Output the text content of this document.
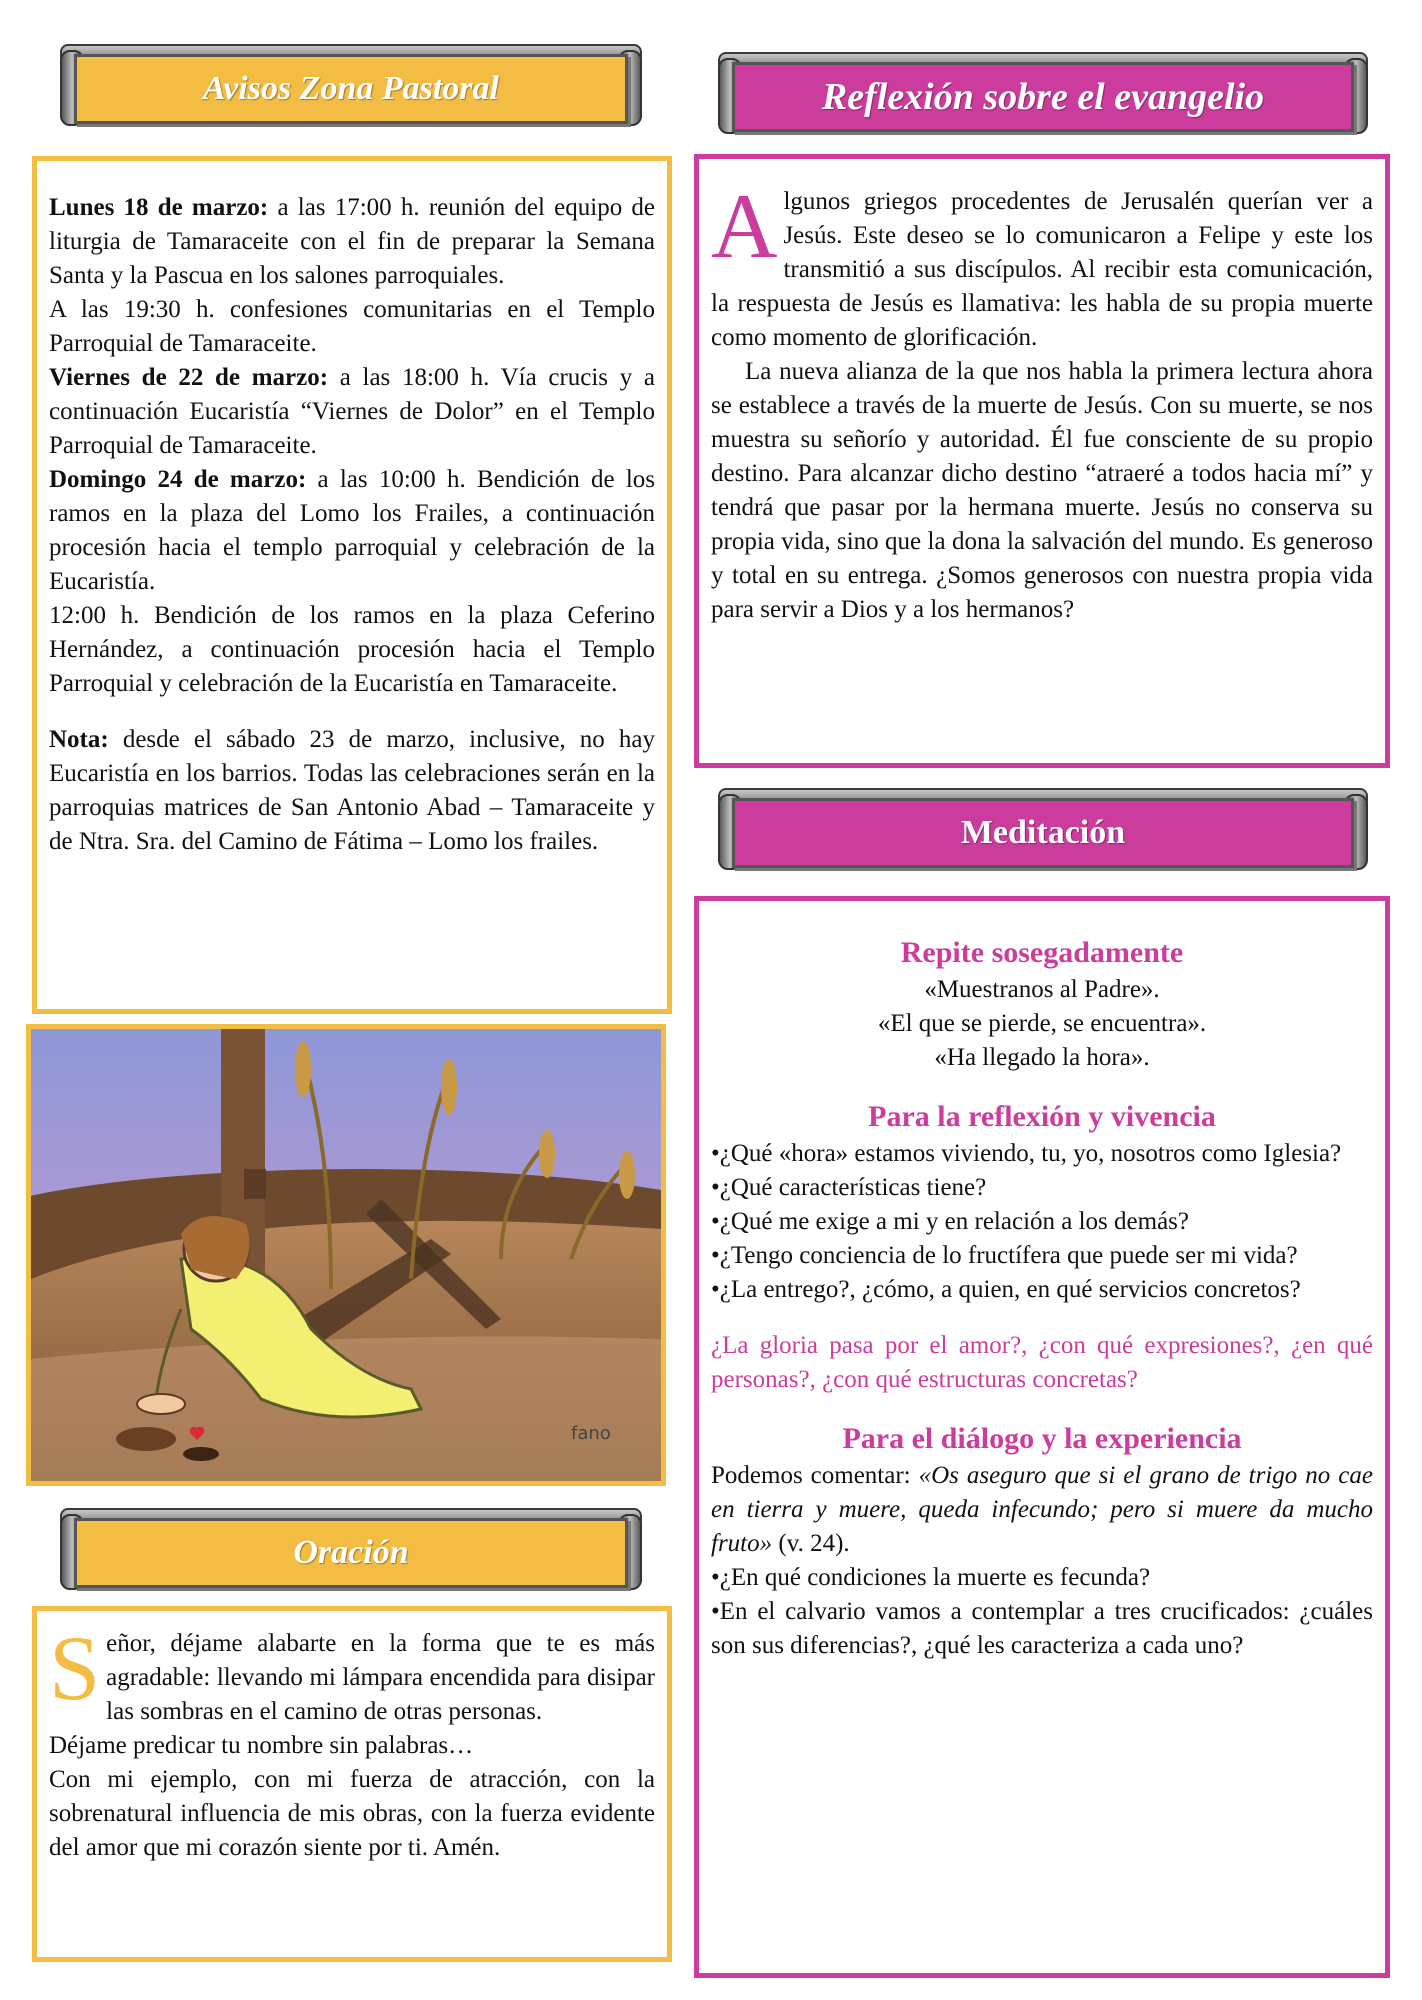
Avisos Zona Pastoral

Lunes 18 de marzo: a las 17:00 h. reunión del equipo de liturgia de Tamaraceite con el fin de preparar la Semana Santa y la Pascua en los salones parroquiales.

A las 19:30 h. confesiones comunitarias en el Templo Parroquial de Tamaraceite.

Viernes de 22 de marzo: a las 18:00 h. Vía crucis y a continuación Eucaristía “Viernes de Dolor” en el Templo Parroquial de Tamaraceite.

Domingo 24 de marzo: a las 10:00 h. Bendición de los ramos en la plaza del Lomo los Frailes, a continuación procesión hacia el templo parroquial y celebración de la Eucaristía.

12:00 h. Bendición de los ramos en la plaza Ceferino Hernández, a continuación procesión hacia el Templo Parroquial y celebración de la Eucaristía en Tamaraceite.

Nota: desde el sábado 23 de marzo, inclusive, no hay Eucaristía en los barrios. Todas las celebraciones serán en la parroquias matrices de San Antonio Abad – Tamaraceite y de Ntra. Sra. del Camino de Fátima – Lomo los frailes.

fano
Oración

Señor, déjame alabarte en la forma que te es más agradable: llevando mi lámpara encendida para disipar las sombras en el camino de otras personas.

Déjame predicar tu nombre sin palabras…

Con mi ejemplo, con mi fuerza de atracción, con la sobrenatural influencia de mis obras, con la fuerza evidente del amor que mi corazón siente por ti. Amén.

Reflexión sobre el evangelio

Algunos griegos procedentes de Jerusalén querían ver a Jesús. Este deseo se lo comunicaron a Felipe y este los transmitió a sus discípulos. Al recibir esta comunicación, la respuesta de Jesús es llamativa: les habla de su propia muerte como momento de glorificación.

La nueva alianza de la que nos habla la primera lectura ahora se establece a través de la muerte de Jesús. Con su muerte, se nos muestra su señorío y autoridad. Él fue consciente de su propio destino. Para alcanzar dicho destino “atraeré a todos hacia mí” y tendrá que pasar por la hermana muerte. Jesús no conserva su propia vida, sino que la dona la salvación del mundo. Es generoso y total en su entrega. ¿Somos generosos con nuestra propia vida para servir a Dios y a los hermanos?

Meditación

Repite sosegadamente

«Muestranos al Padre».

«El que se pierde, se encuentra».

«Ha llegado la hora».

Para la reflexión y vivencia

•¿Qué «hora» estamos viviendo, tu, yo, nosotros como Iglesia?

•¿Qué características tiene?

•¿Qué me exige a mi y en relación a los demás?

•¿Tengo conciencia de lo fructífera que puede ser mi vida?

•¿La entrego?, ¿cómo, a quien, en qué servicios concretos?

¿La gloria pasa por el amor?, ¿con qué expresiones?, ¿en qué personas?, ¿con qué estructuras concretas?

Para el diálogo y la experiencia

Podemos comentar: «Os aseguro que si el grano de trigo no cae en tierra y muere, queda infecundo; pero si muere da mucho fruto» (v. 24).

•¿En qué condiciones la muerte es fecunda?

•En el calvario vamos a contemplar a tres crucificados: ¿cuáles son sus diferencias?, ¿qué les caracteriza a cada uno?
